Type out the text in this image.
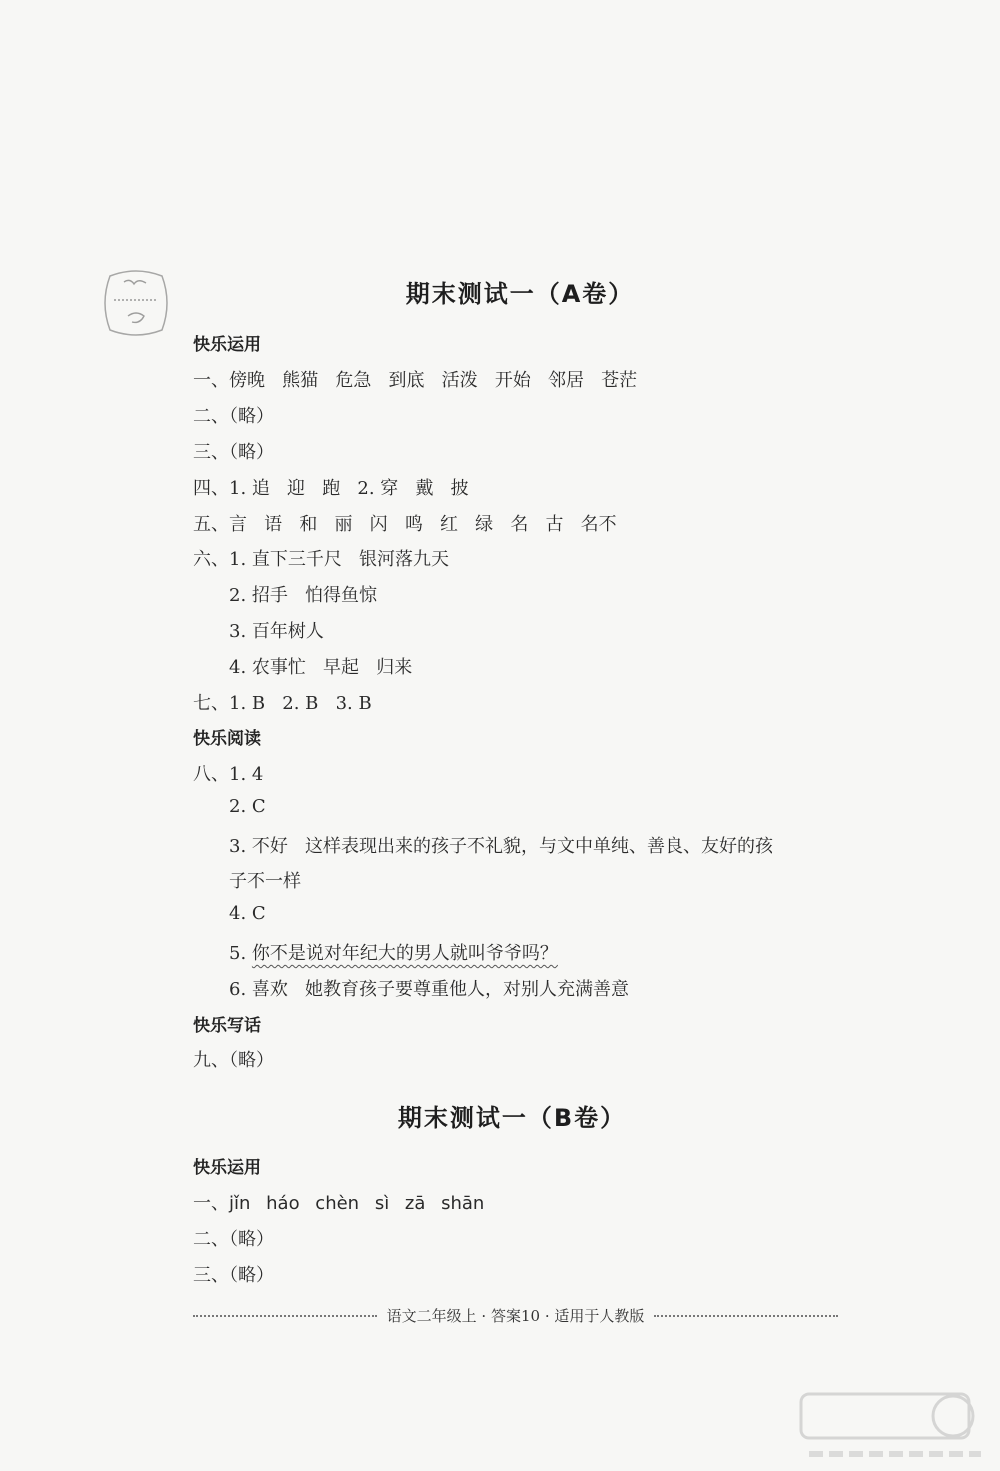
期末测试一（A卷）
快乐运用
一、傍晚   熊猫   危急   到底   活泼   开始   邻居   苍茫
二、（略）
三、（略）
四、1. 追   迎   跑   2. 穿   戴   披
五、言   语   和   丽   闪   鸣   红   绿   名   古   名不
六、1. 直下三千尺   银河落九天
2. 招手   怕得鱼惊
3. 百年树人
4. 农事忙   早起   归来
七、1. B   2. B   3. B
快乐阅读
八、1. 4
2. C
3. 不好   这样表现出来的孩子不礼貌，与文中单纯、善良、友好的孩
子不一样
4. C
5. 你不是说对年纪大的男人就叫爷爷吗？
6. 喜欢   她教育孩子要尊重他人，对别人充满善意
快乐写话
九、（略）
期末测试一（B卷）
快乐运用
一、jǐn háo chèn sì zā shān
二、（略）
三、（略）
语文二年级上 · 答案10 · 适用于人教版
